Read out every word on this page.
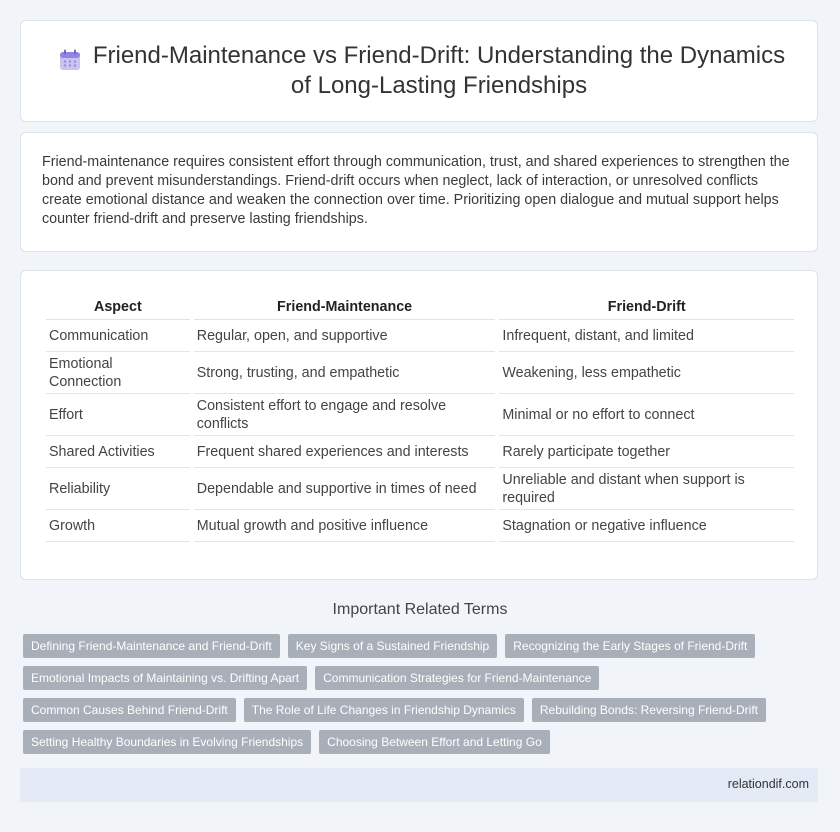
Friend-Maintenance vs Friend-Drift: Understanding the Dynamics of Long-Lasting Friendships

Friend-maintenance requires consistent effort through communication, trust, and shared experiences to strengthen the bond and prevent misunderstandings. Friend-drift occurs when neglect, lack of interaction, or unresolved conflicts create emotional distance and weaken the connection over time. Prioritizing open dialogue and mutual support helps counter friend-drift and preserve lasting friendships.

Aspect	Friend-Maintenance	Friend-Drift
Communication	Regular, open, and supportive	Infrequent, distant, and limited
Emotional Connection	Strong, trusting, and empathetic	Weakening, less empathetic
Effort	Consistent effort to engage and resolve conflicts	Minimal or no effort to connect
Shared Activities	Frequent shared experiences and interests	Rarely participate together
Reliability	Dependable and supportive in times of need	Unreliable and distant when support is required
Growth	Mutual growth and positive influence	Stagnation or negative influence
Important Related Terms
Defining Friend-Maintenance and Friend-Drift	Key Signs of a Sustained Friendship	Recognizing the Early Stages of Friend-Drift
Emotional Impacts of Maintaining vs. Drifting Apart	Communication Strategies for Friend-Maintenance
Common Causes Behind Friend-Drift	The Role of Life Changes in Friendship Dynamics	Rebuilding Bonds: Reversing Friend-Drift
Setting Healthy Boundaries in Evolving Friendships	Choosing Between Effort and Letting Go
relationdif.com
